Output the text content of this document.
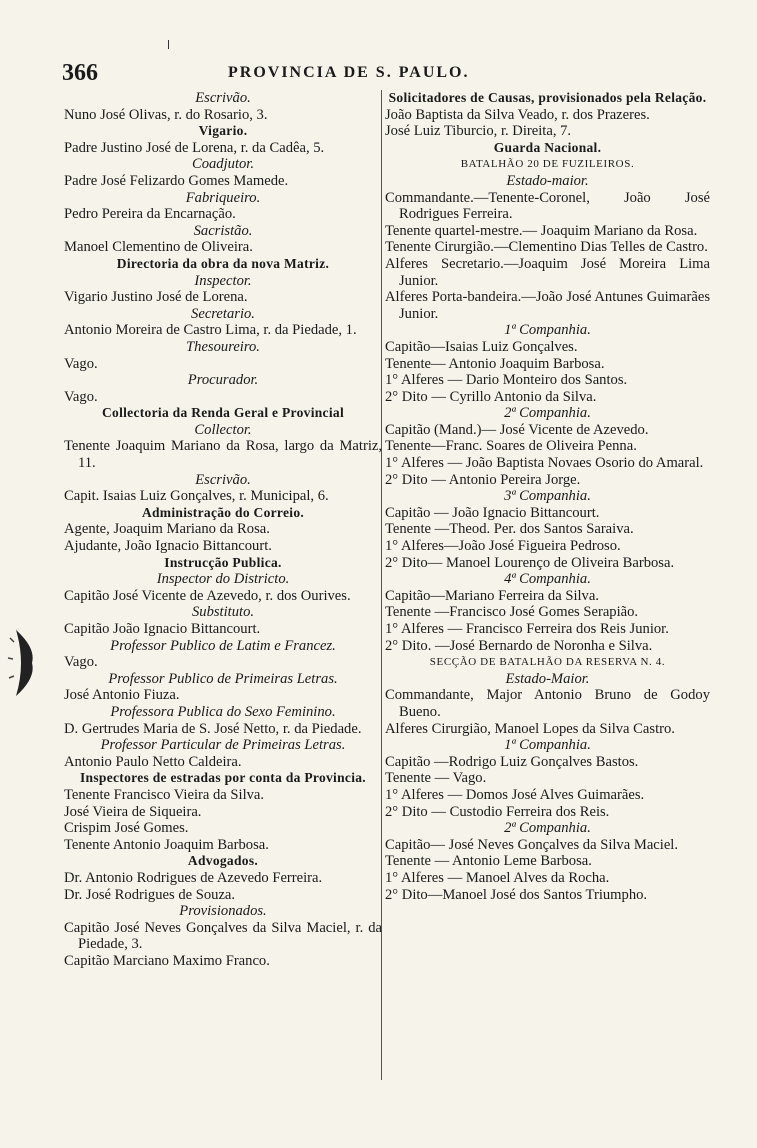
366	PROVINCIA DE S. PAULO.
Escrivão.
Nuno José Olivas, r. do Rosario, 3.
Vigario.
Padre Justino José de Lorena, r. da Cadêa, 5.
Coadjutor.
Padre José Felizardo Gomes Mamede.
Fabriqueiro.
Pedro Pereira da Encarnação.
Sacristão.
Manoel Clementino de Oliveira.
Directoria da obra da nova Matriz.
Inspector.
Vigario Justino José de Lorena.
Secretario.
Antonio Moreira de Castro Lima, r. da Piedade, 1.
Thesoureiro.
Vago.
Procurador.
Vago.
Collectoria da Renda Geral e Provincial
Collector.
Tenente Joaquim Mariano da Rosa, largo da Matriz, 11.
Escrivão.
Capit. Isaias Luiz Gonçalves, r. Municipal, 6.
Administração do Correio.
Agente, Joaquim Mariano da Rosa.
Ajudante, João Ignacio Bittancourt.
Instrucção Publica.
Inspector do Districto.
Capitão José Vicente de Azevedo, r. dos Ourives.
Substituto.
Capitão João Ignacio Bittancourt.
Professor Publico de Latim e Francez.
Vago.
Professor Publico de Primeiras Letras.
José Antonio Fiuza.
Professora Publica do Sexo Feminino.
D. Gertrudes Maria de S. José Netto, r. da Piedade.
Professor Particular de Primeiras Letras.
Antonio Paulo Netto Caldeira.
Inspectores de estradas por conta da Provincia.
Tenente Francisco Vieira da Silva.
José Vieira de Siqueira.
Crispim José Gomes.
Tenente Antonio Joaquim Barbosa.
Advogados.
Dr. Antonio Rodrigues de Azevedo Ferreira.
Dr. José Rodrigues de Souza.
Provisionados.
Capitão José Neves Gonçalves da Silva Maciel, r. da Piedade, 3.
Capitão Marciano Maximo Franco.
Solicitadores de Causas, provisionados pela Relação.
João Baptista da Silva Veado, r. dos Prazeres.
José Luiz Tiburcio, r. Direita, 7.
Guarda Nacional.
BATALHÃO 20 DE FUZILEIROS.
Estado-maior.
Commandante.—Tenente-Coronel, João José Rodrigues Ferreira.
Tenente quartel-mestre.— Joaquim Mariano da Rosa.
Tenente Cirurgião.—Clementino Dias Telles de Castro.
Alferes Secretario.—Joaquim José Moreira Lima Junior.
Alferes Porta-bandeira.—João José Antunes Guimarães Junior.
1ª Companhia.
Capitão—Isaias Luiz Gonçalves.
Tenente— Antonio Joaquim Barbosa.
1° Alferes — Dario Monteiro dos Santos.
2° Dito — Cyrillo Antonio da Silva.
2ª Companhia.
Capitão (Mand.)— José Vicente de Azevedo.
Tenente—Franc. Soares de Oliveira Penna.
1° Alferes — João Baptista Novaes Osorio do Amaral.
2° Dito — Antonio Pereira Jorge.
3ª Companhia.
Capitão — João Ignacio Bittancourt.
Tenente —Theod. Per. dos Santos Saraiva.
1° Alferes—João José Figueira Pedroso.
2° Dito— Manoel Lourenço de Oliveira Barbosa.
4ª Companhia.
Capitão—Mariano Ferreira da Silva.
Tenente —Francisco José Gomes Serapião.
1° Alferes — Francisco Ferreira dos Reis Junior.
2° Dito. —José Bernardo de Noronha e Silva.
SECÇÃO DE BATALHÃO DA RESERVA N. 4.
Estado-Maior.
Commandante, Major Antonio Bruno de Godoy Bueno.
Alferes Cirurgião, Manoel Lopes da Silva Castro.
1ª Companhia.
Capitão —Rodrigo Luiz Gonçalves Bastos.
Tenente — Vago.
1° Alferes — Domos José Alves Guimarães.
2° Dito — Custodio Ferreira dos Reis.
2ª Companhia.
Capitão— José Neves Gonçalves da Silva Maciel.
Tenente — Antonio Leme Barbosa.
1° Alferes — Manoel Alves da Rocha.
2° Dito—Manoel José dos Santos Triumpho.
